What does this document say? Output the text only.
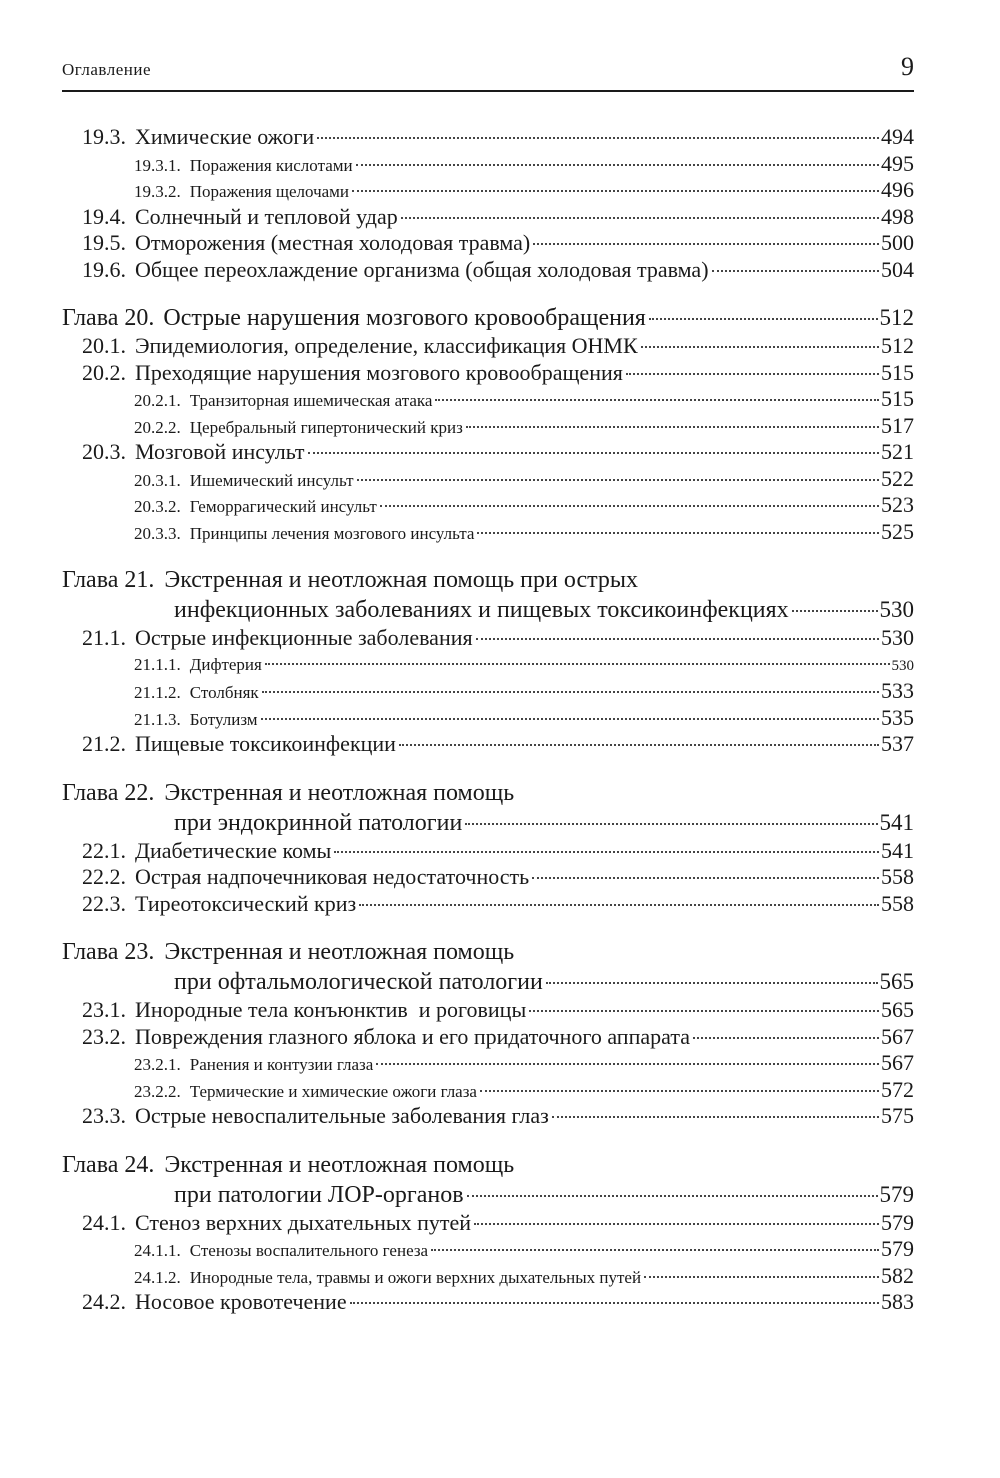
Оглавление	9
19.3. Химические ожоги	494
19.3.1. Поражения кислотами	495
19.3.2. Поражения щелочами	496
19.4. Солнечный и тепловой удар	498
19.5. Отморожения (местная холодовая травма)	500
19.6. Общее переохлаждение организма (общая холодовая травма)	504
Глава 20. Острые нарушения мозгового кровообращения	512
20.1. Эпидемиология, определение, классификация ОНМК	512
20.2. Преходящие нарушения мозгового кровообращения	515
20.2.1. Транзиторная ишемическая атака	515
20.2.2. Церебральный гипертонический криз	517
20.3. Мозговой инсульт	521
20.3.1. Ишемический инсульт	522
20.3.2. Геморрагический инсульт	523
20.3.3. Принципы лечения мозгового инсульта	525
Глава 21. Экстренная и неотложная помощь при острых
инфекционных заболеваниях и пищевых токсикоинфекциях	530
21.1. Острые инфекционные заболевания	530
21.1.1. Дифтерия	530
21.1.2. Столбняк	533
21.1.3. Ботулизм	535
21.2. Пищевые токсикоинфекции	537
Глава 22. Экстренная и неотложная помощь
при эндокринной патологии	541
22.1. Диабетические комы	541
22.2. Острая надпочечниковая недостаточность	558
22.3. Тиреотоксический криз	558
Глава 23. Экстренная и неотложная помощь
при офтальмологической патологии	565
23.1. Инородные тела конъюнктив  и роговицы	565
23.2. Повреждения глазного яблока и его придаточного аппарата	567
23.2.1. Ранения и контузии глаза	567
23.2.2. Термические и химические ожоги глаза	572
23.3. Острые невоспалительные заболевания глаз	575
Глава 24. Экстренная и неотложная помощь
при патологии ЛОР-органов	579
24.1. Стеноз верхних дыхательных путей	579
24.1.1. Стенозы воспалительного генеза	579
24.1.2. Инородные тела, травмы и ожоги верхних дыхательных путей	582
24.2. Носовое кровотечение	583
